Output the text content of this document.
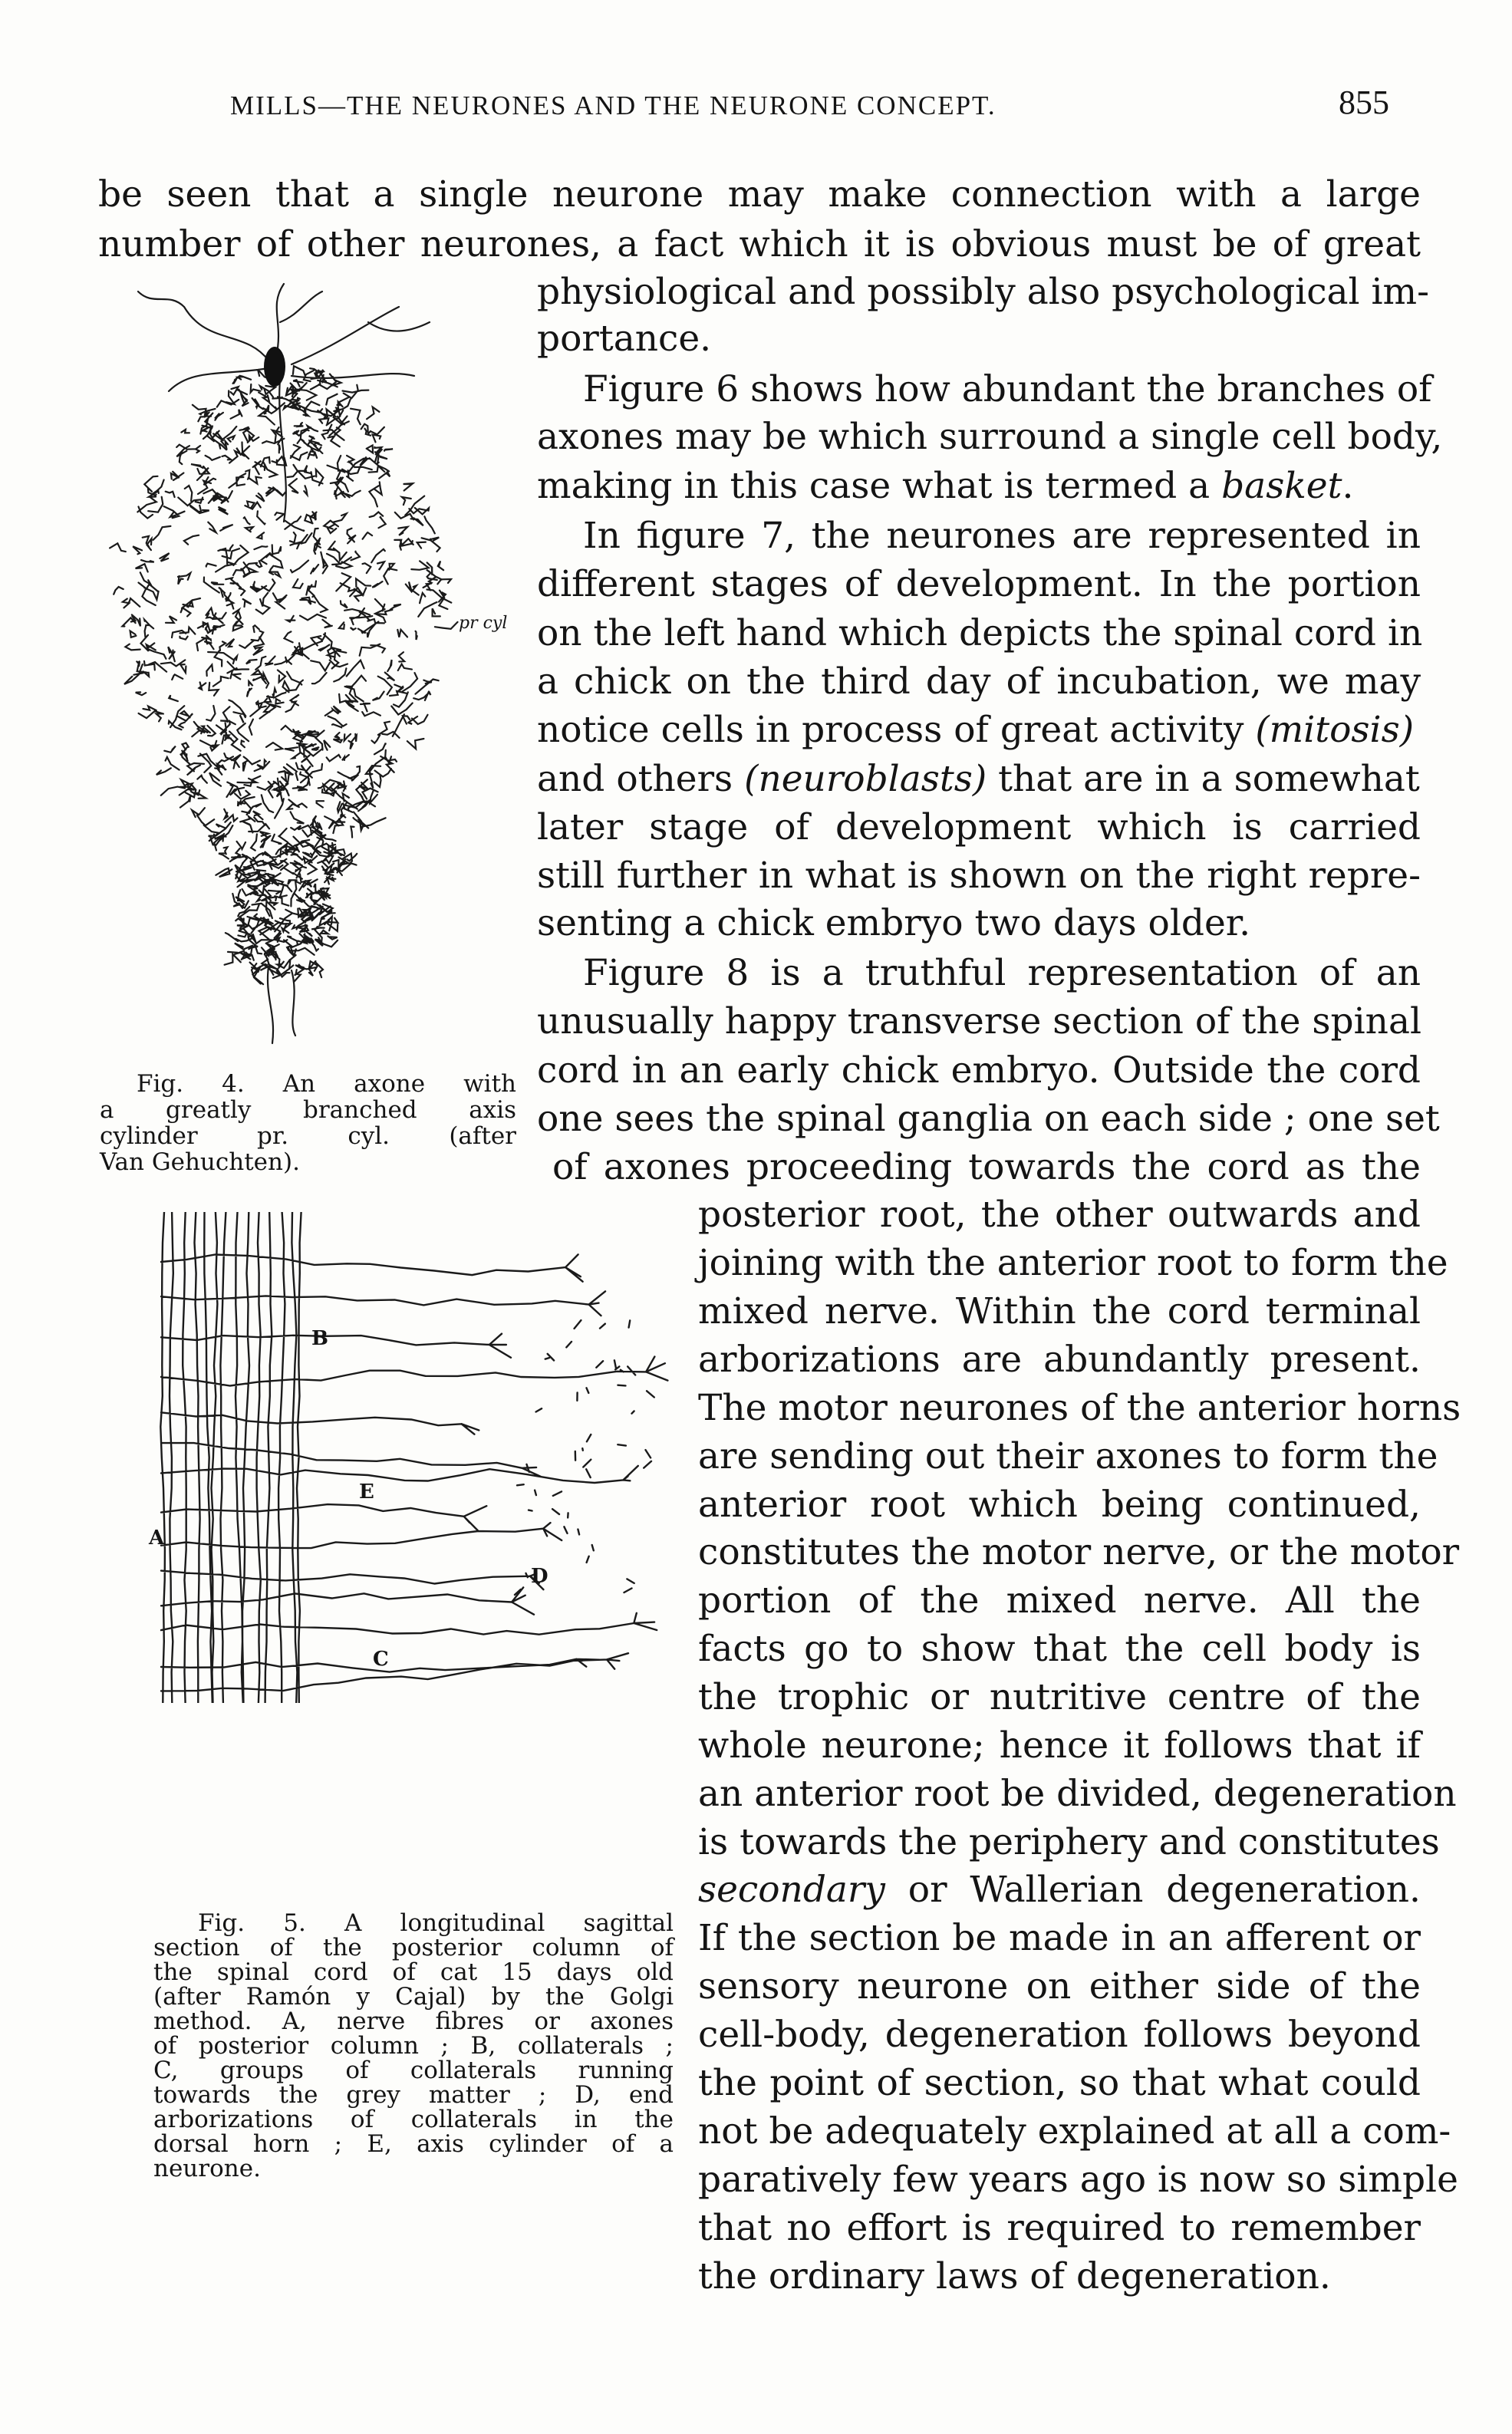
MILLS—THE NEURONES AND THE NEURONE CONCEPT.	855
be seen that a single neurone may make connection with a large
number of other neurones, a fact which it is obvious must be of great
physiological and possibly also psychological im-
portance.
Figure 6 shows how abundant the branches of
axones may be which surround a single cell body,
making in this case what is termed a basket.
In figure 7, the neurones are represented in
different stages of development. In the portion
on the left hand which depicts the spinal cord in
a chick on the third day of incubation, we may
notice cells in process of great activity (mitosis)
and others (neuroblasts) that are in a somewhat
later stage of development which is carried
still further in what is shown on the right repre-
senting a chick embryo two days older.
Figure 8 is a truthful representation of an
unusually happy transverse section of the spinal
cord in an early chick embryo. Outside the cord
one sees the spinal ganglia on each side ; one set
of axones proceeding towards the cord as the
posterior root, the other outwards and
joining with the anterior root to form the
mixed nerve. Within the cord terminal
arborizations are abundantly present.
The motor neurones of the anterior horns
are sending out their axones to form the
anterior root which being continued,
constitutes the motor nerve, or the motor
portion of the mixed nerve. All the
facts go to show that the cell body is
the trophic or nutritive centre of the
whole neurone; hence it follows that if
an anterior root be divided, degeneration
is towards the periphery and constitutes
secondary or Wallerian degeneration.
If the section be made in an afferent or
sensory neurone on either side of the
cell-body, degeneration follows beyond
the point of section, so that what could
not be adequately explained at all a com-
paratively few years ago is now so simple
that no effort is required to remember
the ordinary laws of degeneration.
pr cyl
Fig. 4. An axone with
a greatly branched axis
cylinder pr. cyl. (after
Van Gehuchten).
A
B
E
D
C
Fig. 5. A longitudinal sagittal
section of the posterior column of
the spinal cord of cat 15 days old
(after Ramón y Cajal) by the Golgi
method. A, nerve fibres or axones
of posterior column ; B, collaterals ;
C, groups of collaterals running
towards the grey matter ; D, end
arborizations of collaterals in the
dorsal horn ; E, axis cylinder of a
neurone.
